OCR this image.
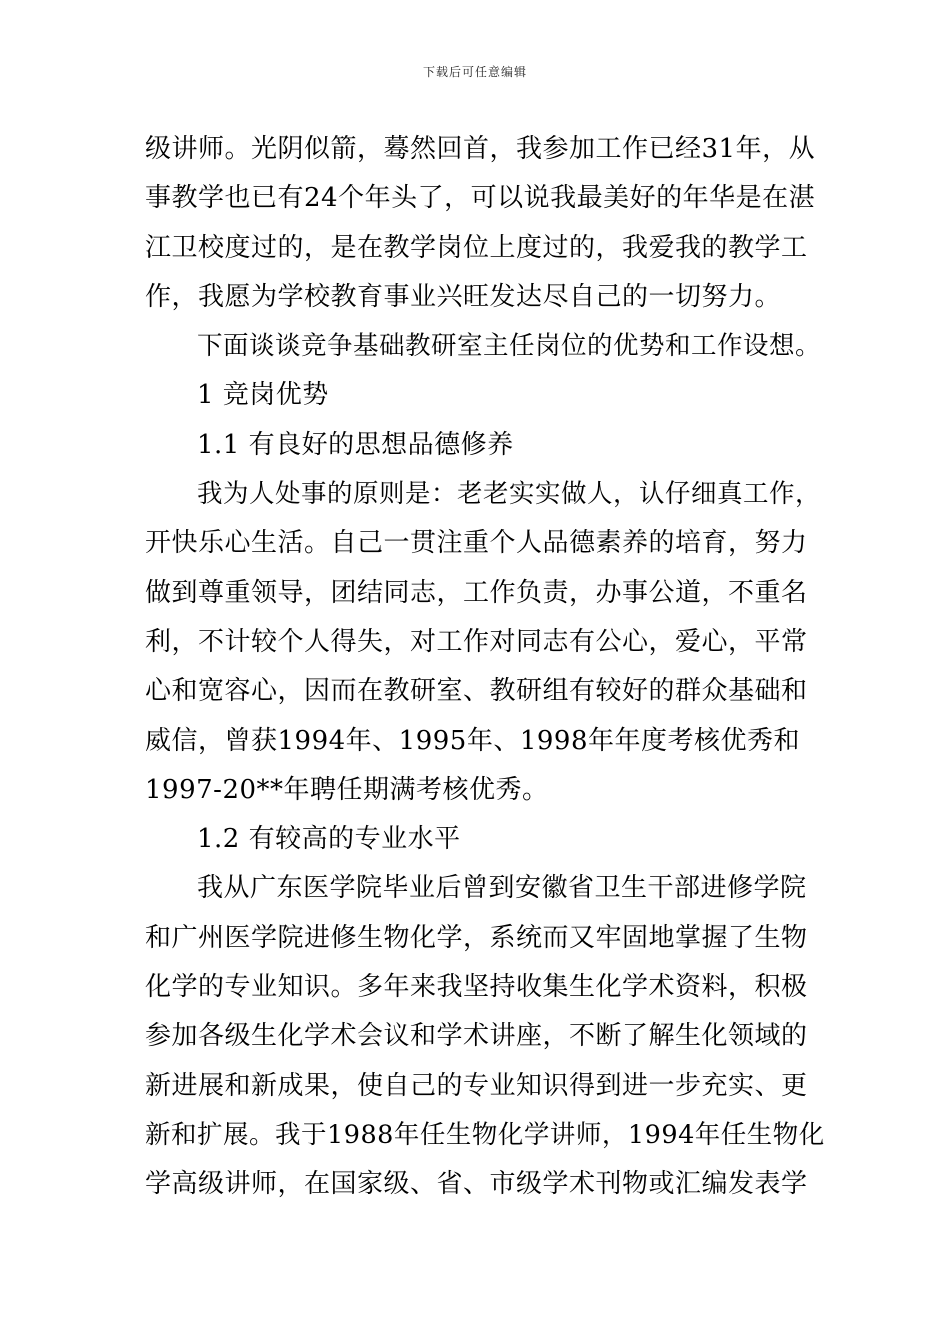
下载后可任意编辑
级讲师。光阴似箭，蓦然回首，我参加工作已经31年，从
事教学也已有24个年头了，可以说我最美好的年华是在湛
江卫校度过的，是在教学岗位上度过的，我爱我的教学工
作，我愿为学校教育事业兴旺发达尽自己的一切努力。
下面谈谈竞争基础教研室主任岗位的优势和工作设想。
1 竞岗优势
1.1 有良好的思想品德修养
我为人处事的原则是：老老实实做人，认仔细真工作，
开快乐心生活。自己一贯注重个人品德素养的培育，努力
做到尊重领导，团结同志，工作负责，办事公道，不重名
利，不计较个人得失，对工作对同志有公心，爱心，平常
心和宽容心，因而在教研室、教研组有较好的群众基础和
威信，曾获1994年、1995年、1998年年度考核优秀和
1997-20**年聘任期满考核优秀。
1.2 有较高的专业水平
我从广东医学院毕业后曾到安徽省卫生干部进修学院
和广州医学院进修生物化学，系统而又牢固地掌握了生物
化学的专业知识。多年来我坚持收集生化学术资料，积极
参加各级生化学术会议和学术讲座，不断了解生化领域的
新进展和新成果，使自己的专业知识得到进一步充实、更
新和扩展。我于1988年任生物化学讲师，1994年任生物化
学高级讲师，在国家级、省、市级学术刊物或汇编发表学
